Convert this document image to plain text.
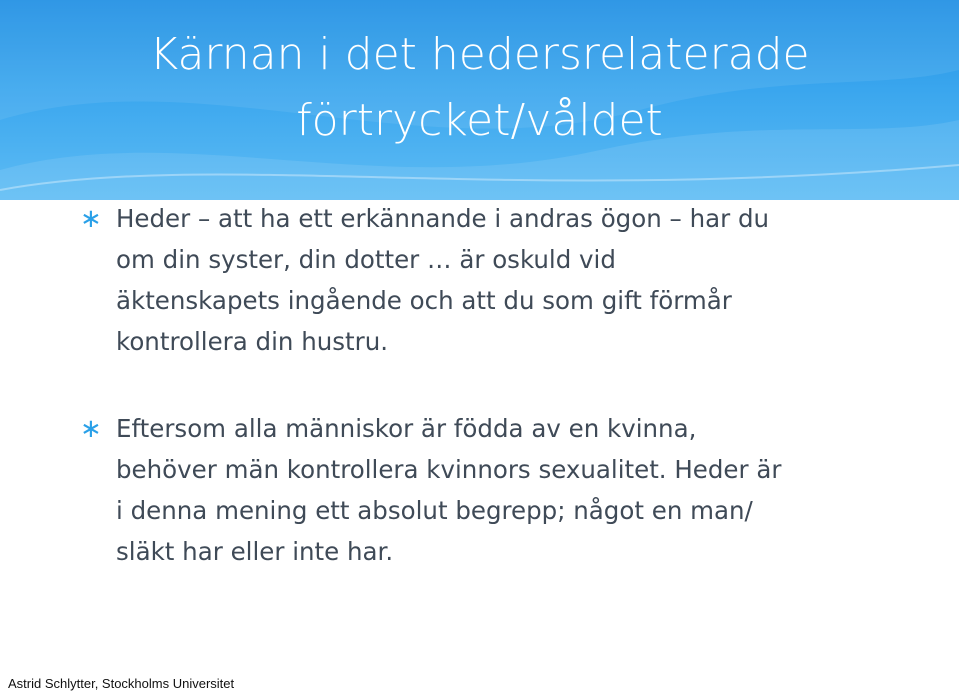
Kärnan i det hedersrelaterade
förtrycket/våldet
∗ Heder – att ha ett erkännande i andras ögon – har du
om din syster, din dotter … är oskuld vid
äktenskapets ingående och att du som gift förmår
kontrollera din hustru.
∗ Eftersom alla människor är födda av en kvinna,
behöver män kontrollera kvinnors sexualitet. Heder är
i denna mening ett absolut begrepp; något en man/
släkt har eller inte har.
Astrid Schlytter, Stockholms Universitet
